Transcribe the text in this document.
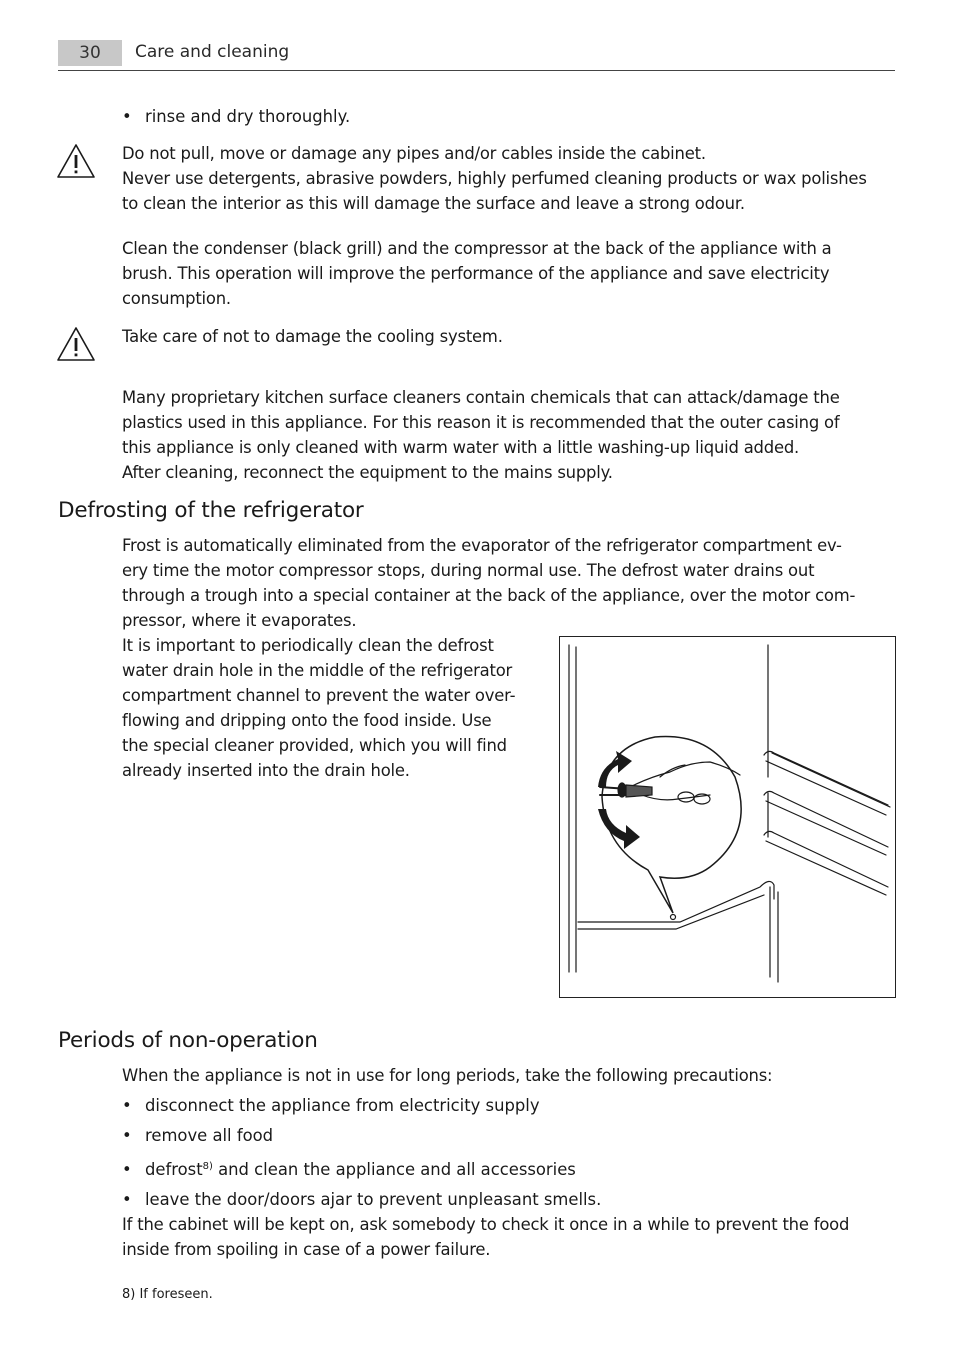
30	Care and cleaning
• rinse and dry thoroughly.
Do not pull, move or damage any pipes and/or cables inside the cabinet.
Never use detergents, abrasive powders, highly perfumed cleaning products or wax polishes
to clean the interior as this will damage the surface and leave a strong odour.
Clean the condenser (black grill) and the compressor at the back of the appliance with a
brush. This operation will improve the performance of the appliance and save electricity
consumption.
Take care of not to damage the cooling system.
Many proprietary kitchen surface cleaners contain chemicals that can attack/damage the
plastics used in this appliance. For this reason it is recommended that the outer casing of
this appliance is only cleaned with warm water with a little washing-up liquid added.
After cleaning, reconnect the equipment to the mains supply.
Defrosting of the refrigerator
Frost is automatically eliminated from the evaporator of the refrigerator compartment ev-
ery time the motor compressor stops, during normal use. The defrost water drains out
through a trough into a special container at the back of the appliance, over the motor com-
pressor, where it evaporates.
It is important to periodically clean the defrost
water drain hole in the middle of the refrigerator
compartment channel to prevent the water over-
flowing and dripping onto the food inside. Use
the special cleaner provided, which you will find
already inserted into the drain hole.
Periods of non-operation
When the appliance is not in use for long periods, take the following precautions:
• disconnect the appliance from electricity supply
• remove all food
• defrost$^{8)}$ and clean the appliance and all accessories
• leave the door/doors ajar to prevent unpleasant smells.
If the cabinet will be kept on, ask somebody to check it once in a while to prevent the food
inside from spoiling in case of a power failure.
8) If foreseen.
